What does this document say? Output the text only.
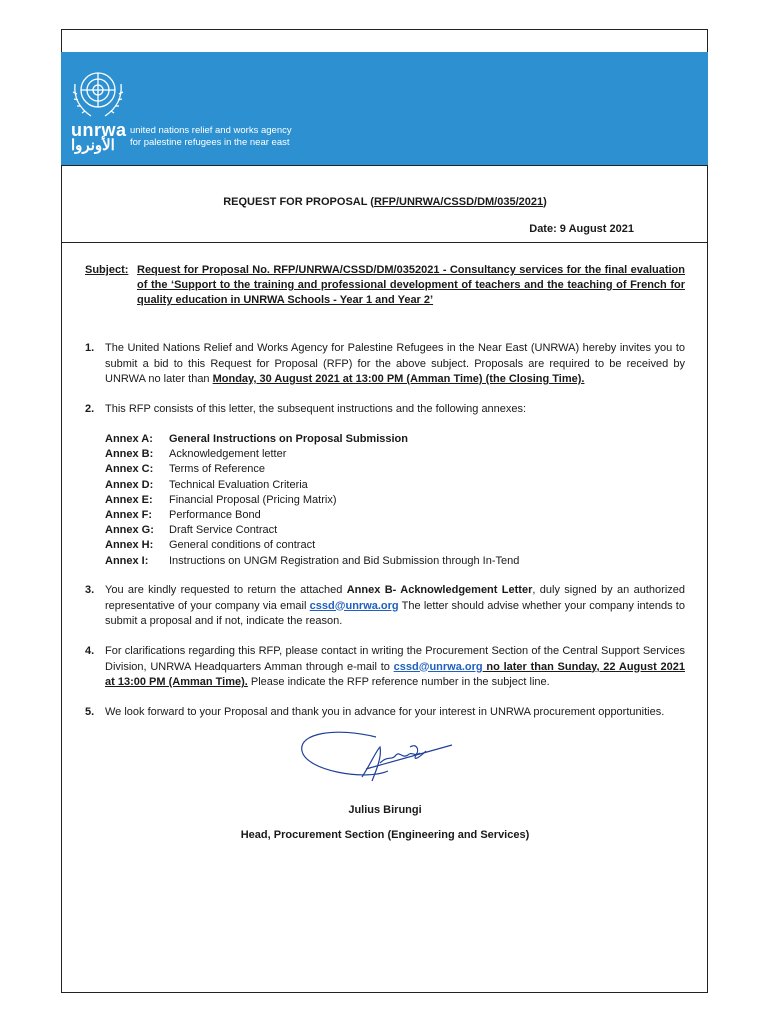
unrwa
الأونروا
united nations relief and works agency
for palestine refugees in the near east
REQUEST FOR PROPOSAL (RFP/UNRWA/CSSD/DM/035/2021)
Date: 9 August 2021
Subject: Request for Proposal No. RFP/UNRWA/CSSD/DM/0352021 - Consultancy services for the final evaluation of the ‘Support to the training and professional development of teachers and the teaching of French for quality education in UNRWA Schools - Year 1 and Year 2’
1. The United Nations Relief and Works Agency for Palestine Refugees in the Near East (UNRWA) hereby invites you to submit a bid to this Request for Proposal (RFP) for the above subject. Proposals are required to be received by UNRWA no later than Monday, 30 August 2021 at 13:00 PM (Amman Time) (the Closing Time).
2. This RFP consists of this letter, the subsequent instructions and the following annexes:
Annex A:	General Instructions on Proposal Submission
Annex B:	Acknowledgement letter
Annex C:	Terms of Reference
Annex D:	Technical Evaluation Criteria
Annex E:	Financial Proposal (Pricing Matrix)
Annex F:	Performance Bond
Annex G:	Draft Service Contract
Annex H:	General conditions of contract
Annex I:	Instructions on UNGM Registration and Bid Submission through In-Tend
3. You are kindly requested to return the attached Annex B- Acknowledgement Letter, duly signed by an authorized representative of your company via email cssd@unrwa.org The letter should advise whether your company intends to submit a proposal and if not, indicate the reason.
4. For clarifications regarding this RFP, please contact in writing the Procurement Section of the Central Support Services Division, UNRWA Headquarters Amman through e-mail to cssd@unrwa.org no later than Sunday, 22 August 2021 at 13:00 PM (Amman Time). Please indicate the RFP reference number in the subject line.
5. We look forward to your Proposal and thank you in advance for your interest in UNRWA procurement opportunities.
Julius Birungi
Head, Procurement Section (Engineering and Services)
